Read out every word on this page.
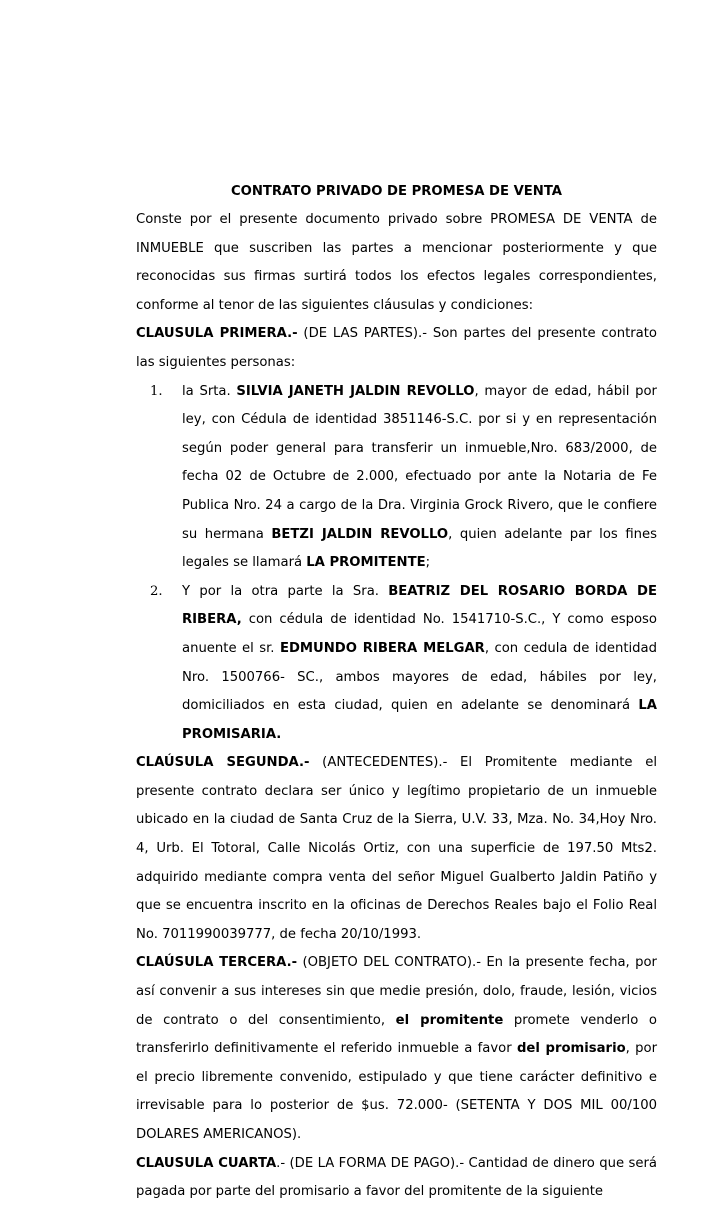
CONTRATO PRIVADO DE PROMESA DE VENTA

Conste por el presente documento privado sobre PROMESA DE VENTA de INMUEBLE que suscriben las partes a mencionar posteriormente y que reconocidas sus firmas surtirá todos los efectos legales correspondientes, conforme al tenor de las siguientes cláusulas y condiciones:

CLAUSULA PRIMERA.- (DE LAS PARTES).- Son partes del presente contrato las siguientes personas:

1. la Srta. SILVIA JANETH JALDIN REVOLLO, mayor de edad, hábil por ley, con Cédula de identidad 3851146-S.C. por si y en representación según poder general para transferir un inmueble,Nro. 683/2000, de fecha 02 de Octubre de 2.000, efectuado por ante la Notaria de Fe Publica Nro. 24 a cargo de la Dra. Virginia Grock Rivero, que le confiere su hermana BETZI JALDIN REVOLLO, quien adelante par los fines legales se llamará LA PROMITENTE;
2. Y por la otra parte la Sra. BEATRIZ DEL ROSARIO BORDA DE RIBERA, con cédula de identidad No. 1541710-S.C., Y como esposo anuente el sr. EDMUNDO RIBERA MELGAR, con cedula de identidad Nro. 1500766- SC., ambos mayores de edad, hábiles por ley, domiciliados en esta ciudad, quien en adelante se denominará LA PROMISARIA.

CLAÚSULA SEGUNDA.- (ANTECEDENTES).- El Promitente mediante el presente contrato declara ser único y legítimo propietario de un inmueble ubicado en la ciudad de Santa Cruz de la Sierra, U.V. 33, Mza. No. 34,Hoy Nro. 4, Urb. El Totoral, Calle Nicolás Ortiz, con una superficie de 197.50 Mts2. adquirido mediante compra venta del señor Miguel Gualberto Jaldin Patiño y que se encuentra inscrito en la oficinas de Derechos Reales bajo el Folio Real No. 7011990039777, de fecha 20/10/1993.

CLAÚSULA TERCERA.- (OBJETO DEL CONTRATO).- En la presente fecha, por así convenir a sus intereses sin que medie presión, dolo, fraude, lesión, vicios de contrato o del consentimiento, el promitente promete venderlo o transferirlo definitivamente el referido inmueble a favor del promisario, por el precio libremente convenido, estipulado y que tiene carácter definitivo e irrevisable para lo posterior de $us. 72.000- (SETENTA Y DOS MIL 00/100 DOLARES AMERICANOS).

CLAUSULA CUARTA.- (DE LA FORMA DE PAGO).- Cantidad de dinero que será pagada por parte del promisario a favor del promitente de la siguiente
